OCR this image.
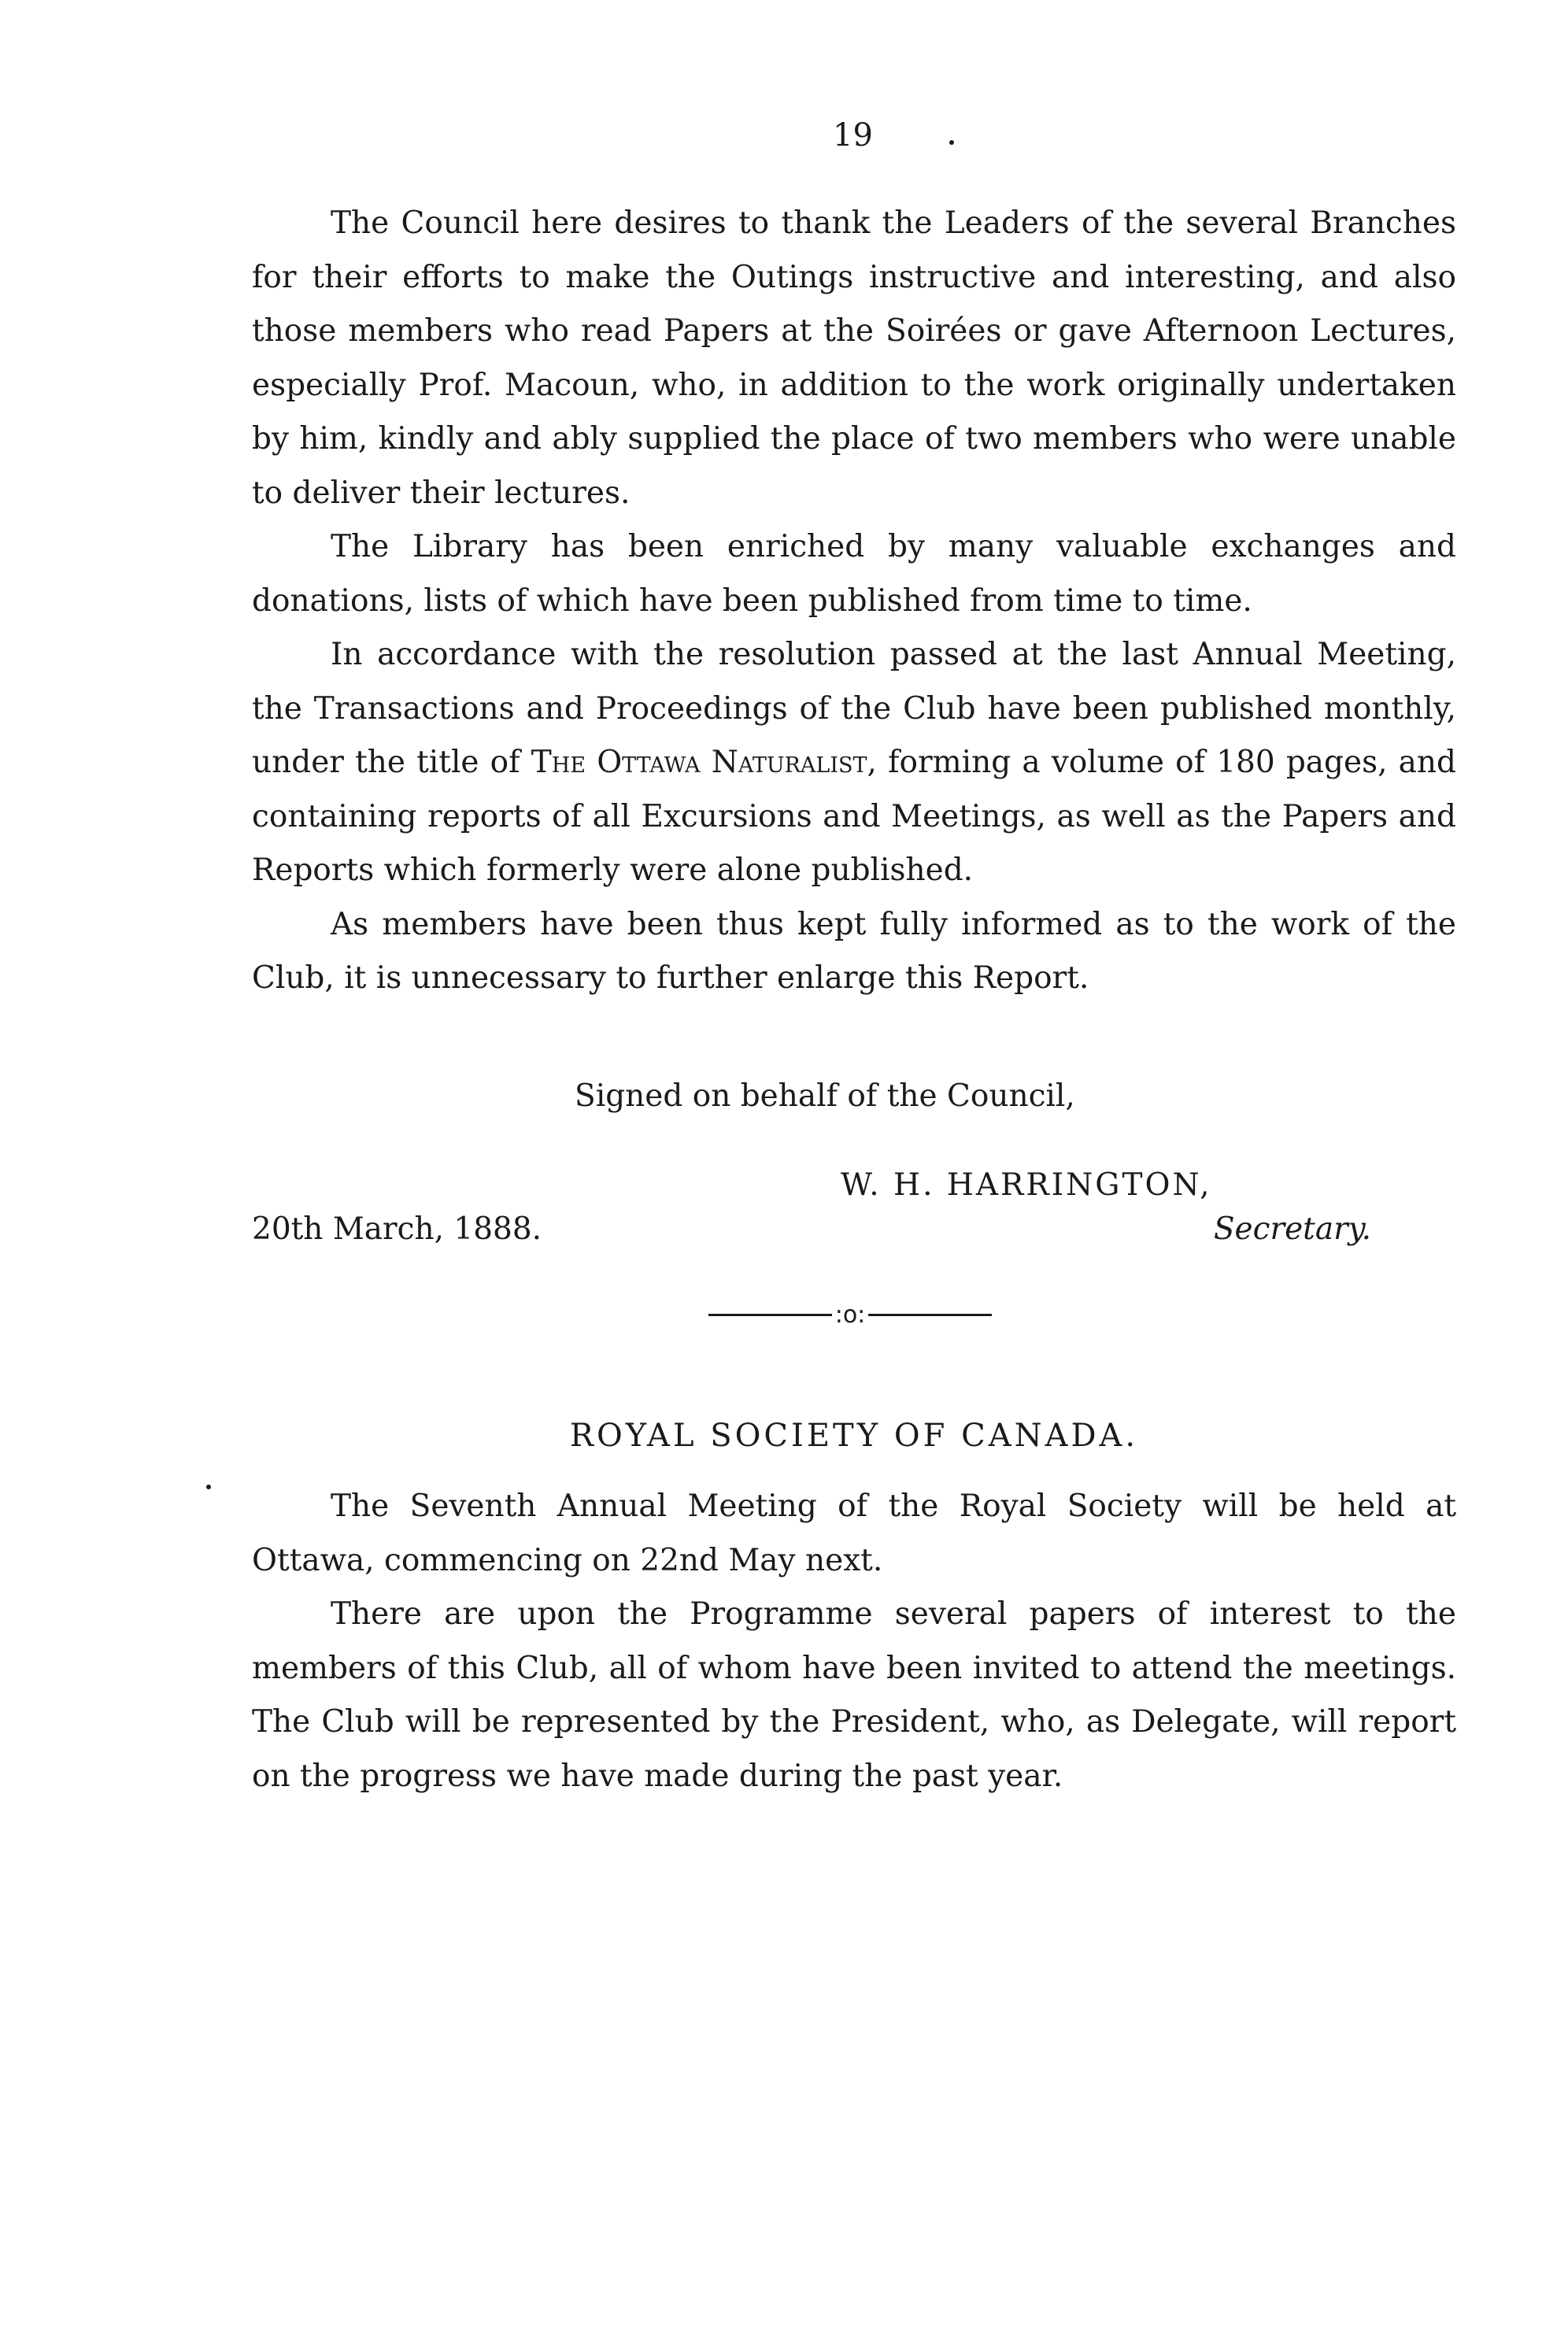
19

The Council here desires to thank the Leaders of the several Branches for their efforts to make the Outings instructive and interesting, and also those members who read Papers at the Soirées or gave Afternoon Lectures, especially Prof. Macoun, who, in addition to the work originally undertaken by him, kindly and ably supplied the place of two members who were unable to deliver their lectures.

The Library has been enriched by many valuable exchanges and donations, lists of which have been published from time to time.

In accordance with the resolution passed at the last Annual Meeting, the Transactions and Proceedings of the Club have been published monthly, under the title of The Ottawa Naturalist, forming a volume of 180 pages, and containing reports of all Excursions and Meetings, as well as the Papers and Reports which formerly were alone published.

As members have been thus kept fully informed as to the work of the Club, it is unnecessary to further enlarge this Report.

Signed on behalf of the Council,
W. H. HARRINGTON,
20th March, 1888.	Secretary.
:o:
ROYAL SOCIETY OF CANADA.

The Seventh Annual Meeting of the Royal Society will be held at Ottawa, commencing on 22nd May next.

There are upon the Programme several papers of interest to the members of this Club, all of whom have been invited to attend the meetings. The Club will be represented by the President, who, as Delegate, will report on the progress we have made during the past year.
